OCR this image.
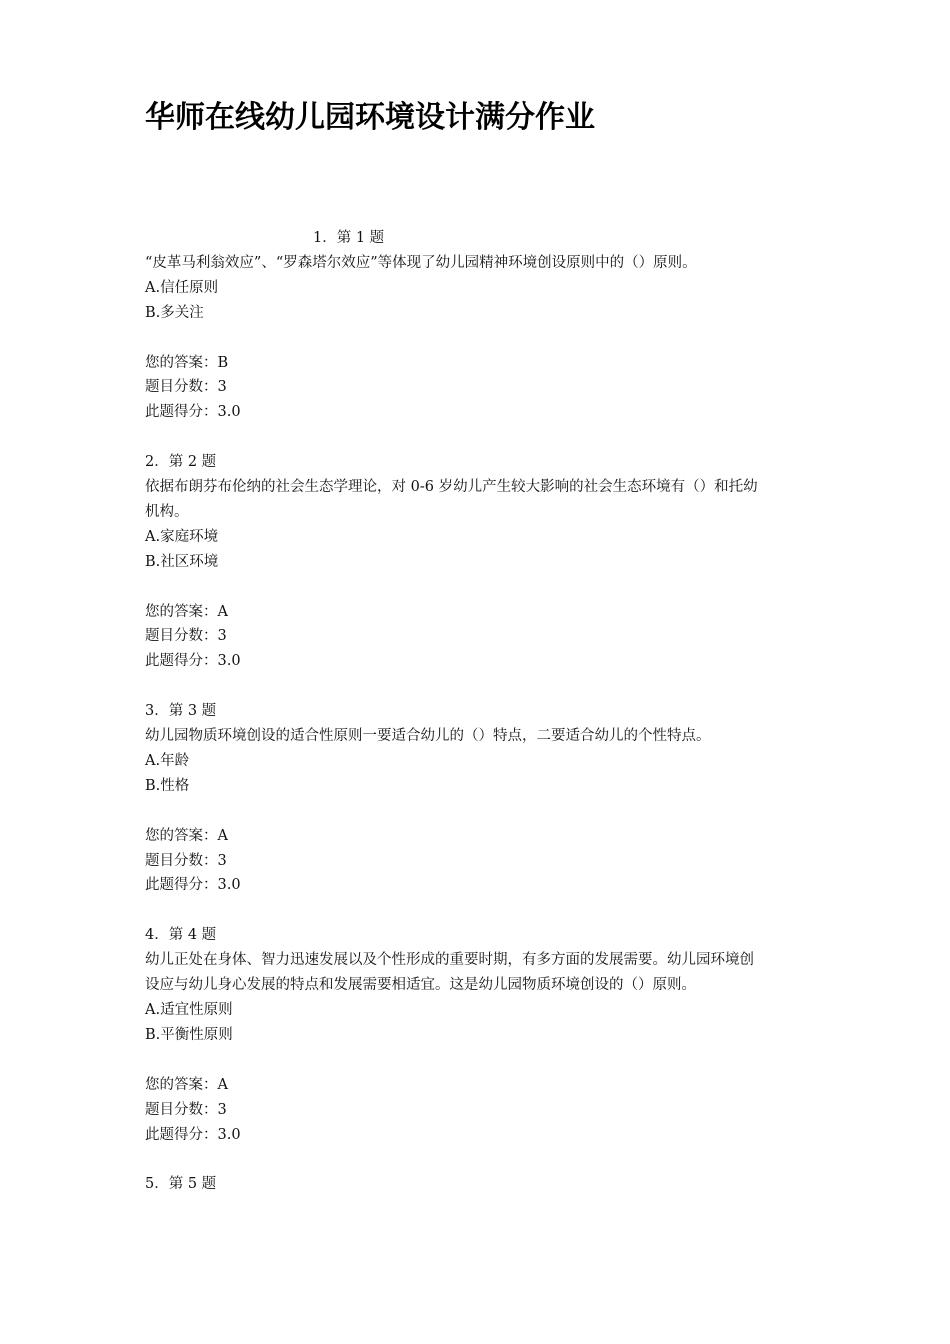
华师在线幼儿园环境设计满分作业
1．第 1 题
“皮革马利翁效应”、“罗森塔尔效应”等体现了幼儿园精神环境创设原则中的（）原则。
A.信任原则
B.多关注
您的答案：B
题目分数：3
此题得分：3.0
2．第 2 题
依据布朗芬布伦纳的社会生态学理论，对 0-6 岁幼儿产生较大影响的社会生态环境有（）和托幼
机构。
A.家庭环境
B.社区环境
您的答案：A
题目分数：3
此题得分：3.0
3．第 3 题
幼儿园物质环境创设的适合性原则一要适合幼儿的（）特点，二要适合幼儿的个性特点。
A.年龄
B.性格
您的答案：A
题目分数：3
此题得分：3.0
4．第 4 题
幼儿正处在身体、智力迅速发展以及个性形成的重要时期，有多方面的发展需要。幼儿园环境创
设应与幼儿身心发展的特点和发展需要相适宜。这是幼儿园物质环境创设的（）原则。
A.适宜性原则
B.平衡性原则
您的答案：A
题目分数：3
此题得分：3.0
5．第 5 题
